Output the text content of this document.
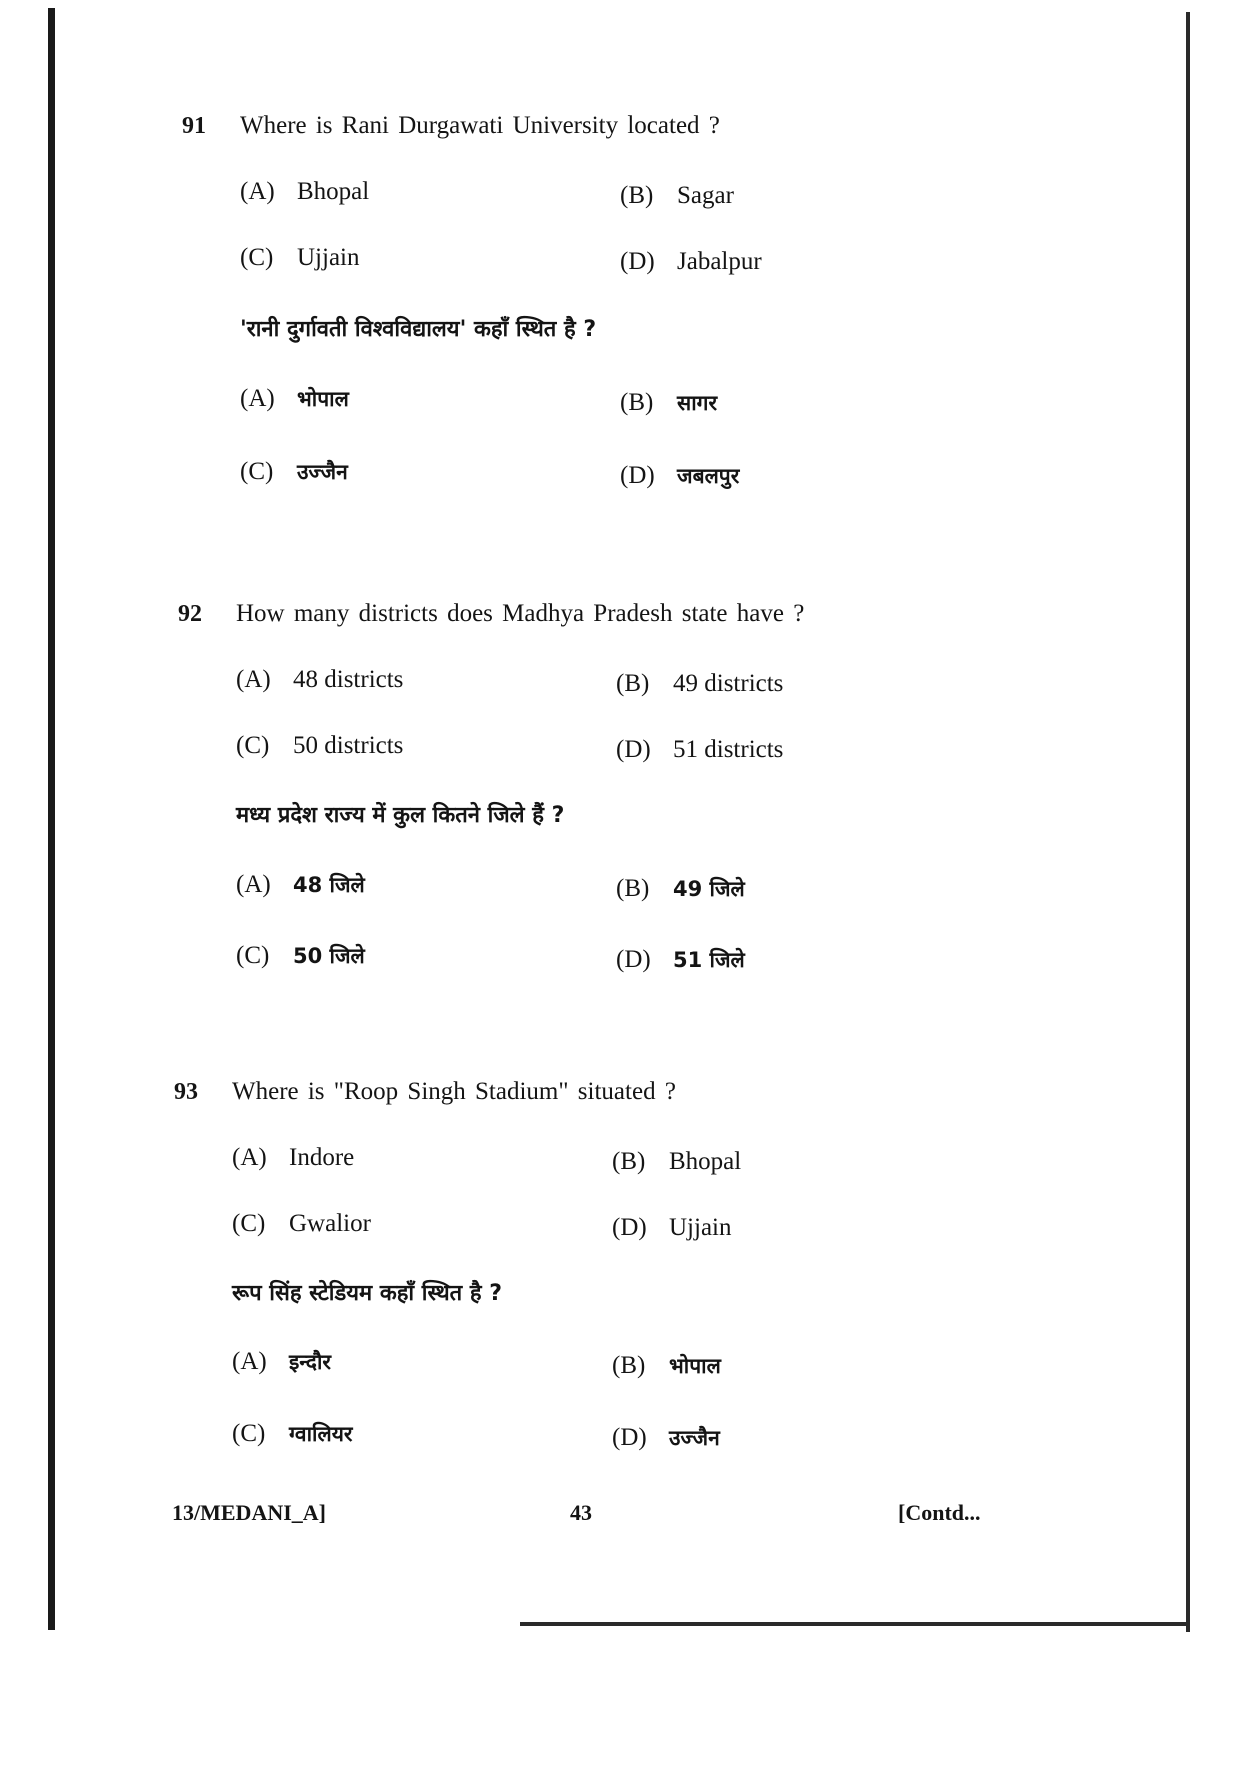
91 Where is Rani Durgawati University located ?
(A) Bhopal	(B) Sagar
(C) Ujjain	(D) Jabalpur
'रानी दुर्गावती विश्वविद्यालय' कहाँ स्थित है ?
(A) भोपाल	(B) सागर
(C) उज्जैन	(D) जबलपुर
92 How many districts does Madhya Pradesh state have ?
(A) 48 districts	(B) 49 districts
(C) 50 districts	(D) 51 districts
मध्य प्रदेश राज्य में कुल कितने जिले हैं ?
(A) 48 जिले	(B) 49 जिले
(C) 50 जिले	(D) 51 जिले
93 Where is "Roop Singh Stadium" situated ?
(A) Indore	(B) Bhopal
(C) Gwalior	(D) Ujjain
रूप सिंह स्टेडियम कहाँ स्थित है ?
(A) इन्दौर	(B) भोपाल
(C) ग्वालियर	(D) उज्जैन
13/MEDANI_A]	43	[Contd...
